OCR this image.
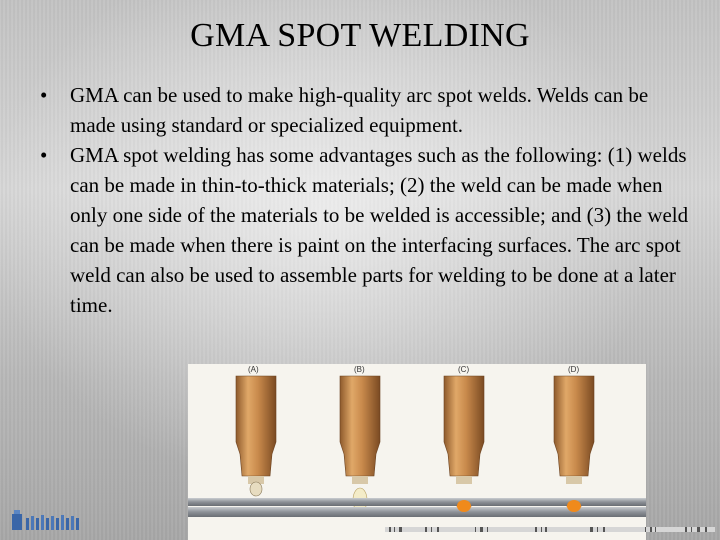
GMA SPOT WELDING
•	GMA can be used to make high-quality arc spot welds. Welds can be made using standard or specialized equipment.
•	GMA spot welding has some advantages such as the following: (1) welds can be made in thin-to-thick materials; (2) the weld can be made when only one side of the materials to be welded is accessible; and (3) the weld can be made when there is paint on the interfacing surfaces. The arc spot weld can also be used to assemble parts for welding to be done at a later time.
(A)	(B)	(C)	(D)
